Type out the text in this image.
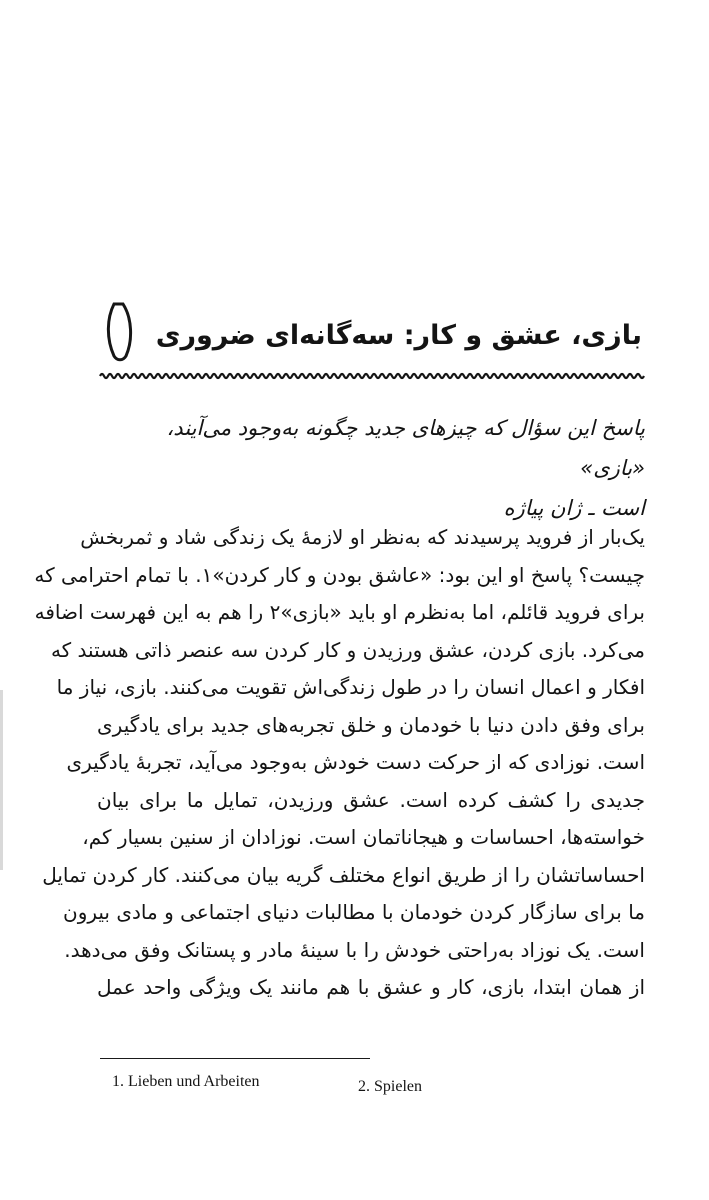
بازی، عشق و کار: سه‌گانه‌ای ضروری

پاسخ این سؤال که چیزهای جدید چگونه به‌وجود می‌آیند، «بازی»

است ـ ژان پیاژه

یک‌بار از فروید پرسیدند که به‌نظر او لازمهٔ یک زندگی شاد و ثمربخش
چیست؟ پاسخ او این بود: «عاشق بودن و کار کردن»۱. با تمام احترامی که
برای فروید قائلم، اما به‌نظرم او باید «بازی»۲ را هم به این فهرست اضافه
می‌کرد. بازی کردن، عشق ورزیدن و کار کردن سه عنصر ذاتی هستند که
افکار و اعمال انسان را در طول زندگی‌اش تقویت می‌کنند. بازی، نیاز ما
برای وفق دادن دنیا با خودمان و خلق تجربه‌های جدید برای یادگیری
است. نوزادی که از حرکت دست خودش به‌وجود می‌آید، تجربهٔ یادگیری
جدیدی را کشف کرده است. عشق ورزیدن، تمایل ما برای بیان
خواسته‌ها، احساسات و هیجاناتمان است. نوزادان از سنین بسیار کم،
احساساتشان را از طریق انواع مختلف گریه بیان می‌کنند. کار کردن تمایل
ما برای سازگار کردن خودمان با مطالبات دنیای اجتماعی و مادی بیرون
است. یک نوزاد به‌راحتی خودش را با سینهٔ مادر و پستانک وفق می‌دهد.
از همان ابتدا، بازی، کار و عشق با هم مانند یک ویژگی واحد عمل
1. Lieben und Arbeiten	2. Spielen
